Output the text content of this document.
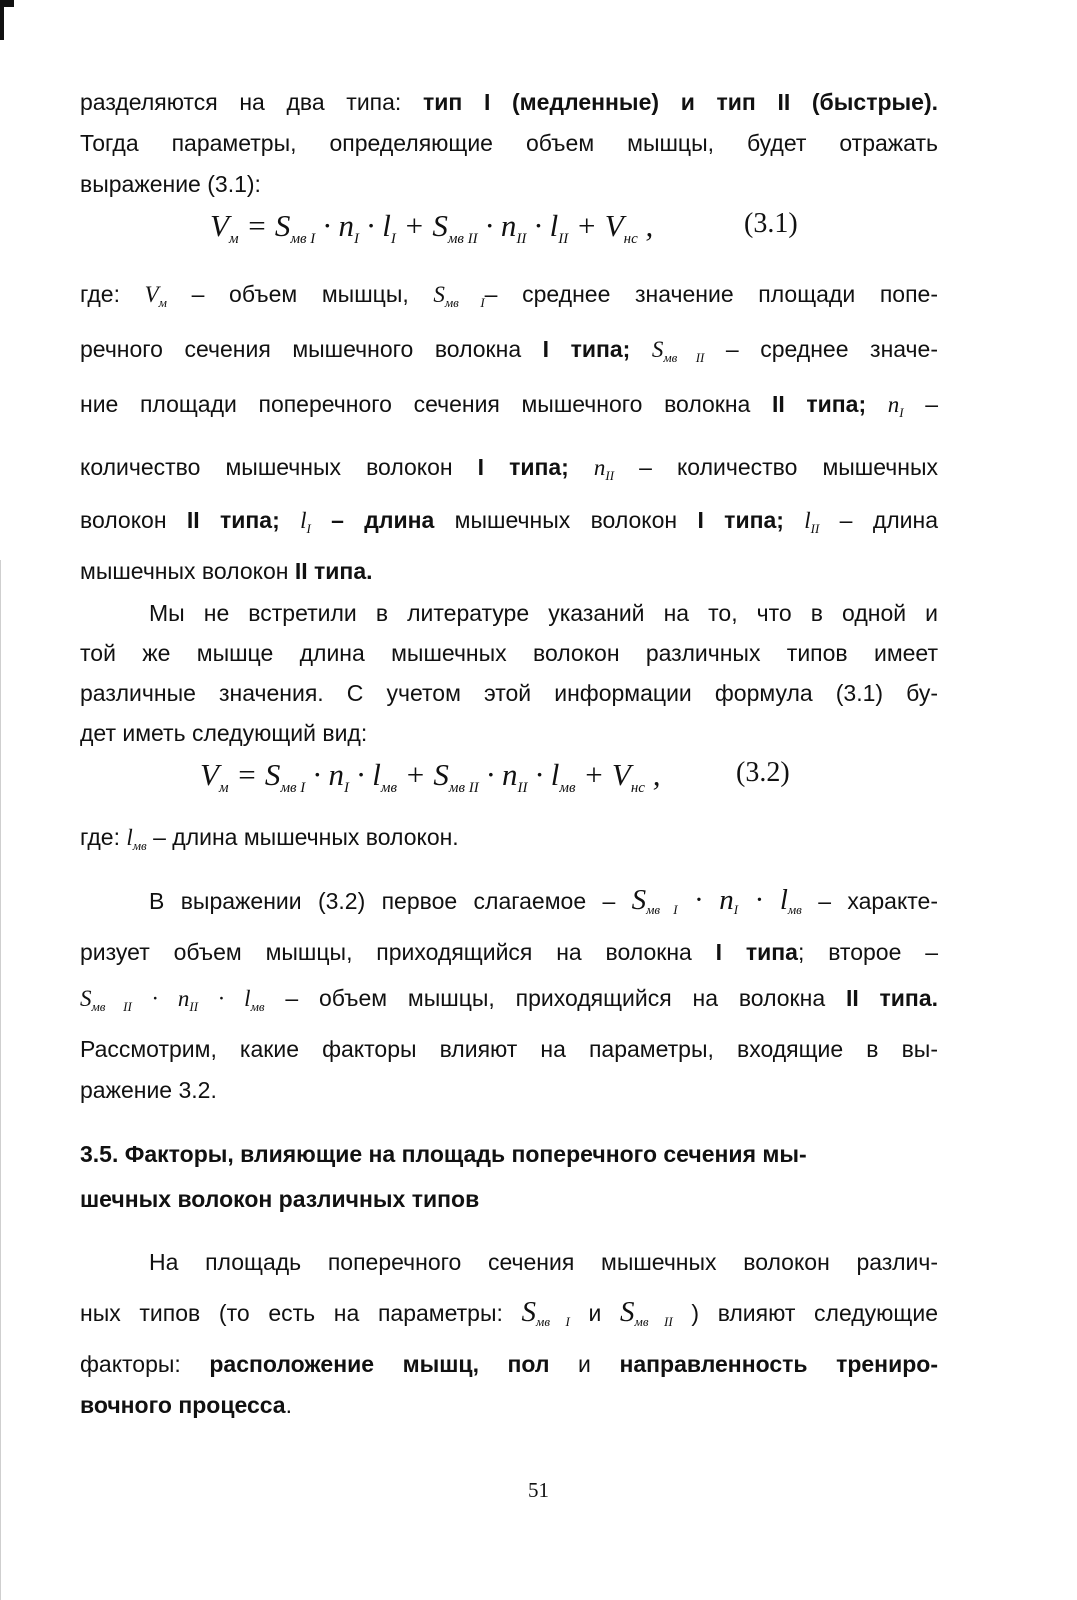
разделяются на два типа: тип I (медленные) и тип II (быстрые).
Тогда параметры, определяющие объем мышцы, будет отражать
выражение (3.1):
$V_м = S_{мв I} \cdot n_I \cdot l_I + S_{мв II} \cdot n_{II} \cdot l_{II} + V_{нс}$ ,	(3.1)
где: $V_м$ – объем мышцы, $S_{мв I}-$ среднее значение площади попе-
речного сечения мышечного волокна I типа; $S_{мв II}$ – среднее значе-
ние площади поперечного сечения мышечного волокна II типа; $n_I$ –
количество мышечных волокон I типа; $n_{II}$ – количество мышечных
волокон II типа; $l_I$ – длина мышечных волокон I типа; $l_{II}$ – длина
мышечных волокон II типа.
Мы не встретили в литературе указаний на то, что в одной и
той же мышце длина мышечных волокон различных типов имеет
различные значения. С учетом этой информации формула (3.1) бу-
дет иметь следующий вид:
$V_м = S_{мв I} \cdot n_I \cdot l_{мв} + S_{мв II} \cdot n_{II} \cdot l_{мв} + V_{нс}$ ,	(3.2)
где: $l_{мв}$ – длина мышечных волокон.
В выражении (3.2) первое слагаемое – $S_{мв I} \cdot n_I \cdot l_{мв}$ – характе-
ризует объем мышцы, приходящийся на волокна I типа; второе –
$S_{мв II} \cdot n_{II} \cdot l_{мв}$ – объем мышцы, приходящийся на волокна II типа.
Рассмотрим, какие факторы влияют на параметры, входящие в вы-
ражение 3.2.
3.5. Факторы, влияющие на площадь поперечного сечения мы-
шечных волокон различных типов
На площадь поперечного сечения мышечных волокон различ-
ных типов (то есть на параметры: $S_{мв I}$ и $S_{мв II}$ ) влияют следующие
факторы: расположение мышц, пол и направленность трениро-
вочного процесса.
51
